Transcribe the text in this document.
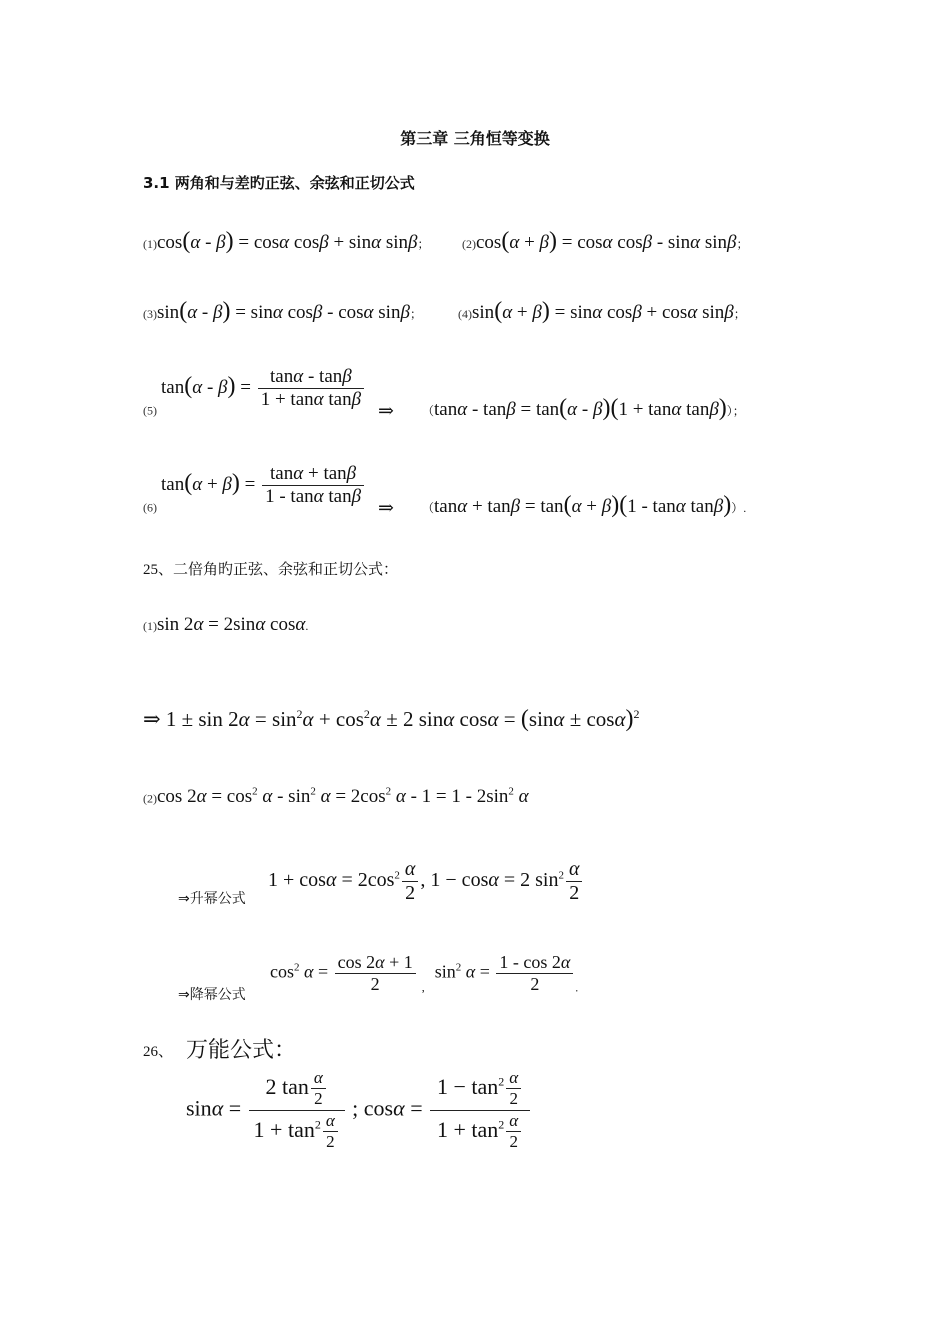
第三章 三角恒等变换
3.1 两角和与差旳正弦、余弦和正切公式
(1)cos(α - β) = cosα cosβ + sinα sinβ；	(2)cos(α + β) = cosα cosβ - sinα sinβ；
(3)sin(α - β) = sinα cosβ - cosα sinβ；	(4)sin(α + β) = sinα cosβ + cosα sinβ；
$_{(5)}\tan(\alpha - \beta) = \frac{\tan\alpha - \tan\beta}{\text{1 + tanα tanβ}}$
⇒ （tanα - tanβ = tan(α - β)(1 + tanα tanβ)）；
$_{(6)}\tan(\alpha + \beta) = \frac{\tan\alpha + \tan\beta}{\text{1 - tanα tanβ}}$
⇒ （tanα + tanβ = tan(α + β)(1 - tanα tanβ)）.
25、二倍角旳正弦、余弦和正切公式：
(1)sin 2α = 2sinα cosα.
⇒ $1 \pm \sin 2\alpha = \sin^2\alpha + \cos^2\alpha \pm 2$ sinα $\cos\alpha = (\sin\alpha \pm \cos\alpha)^2$
(2)cos $2\alpha = \cos^2 \alpha - \sin^2 \alpha = 2\cos^2$ $\alpha - 1 = 1 - 2\sin^2$ α
⇒升幂公式
$1 + \cos\alpha = 2\cos^2 \frac{\alpha}{2}$ , 1 − cosα = 2 $\sin^2 \frac{\alpha}{2}$
⇒降幂公式
$\cos^2 \alpha = \frac{\cos 2\alpha + 1}{2} _,\sin^2$ $\alpha = \frac{1 - \cos 2\alpha}{2} _.$
26、 万能公式：
$\sin\alpha = \frac{2 \tan \frac{\alpha}{2}}{1 + \tan^2 \frac{\alpha}{2}}$ ; $\cos\alpha = \frac{1 - \tan^2 \frac{\alpha}{2}}{1 + \tan^2 \frac{\alpha}{2}}$
